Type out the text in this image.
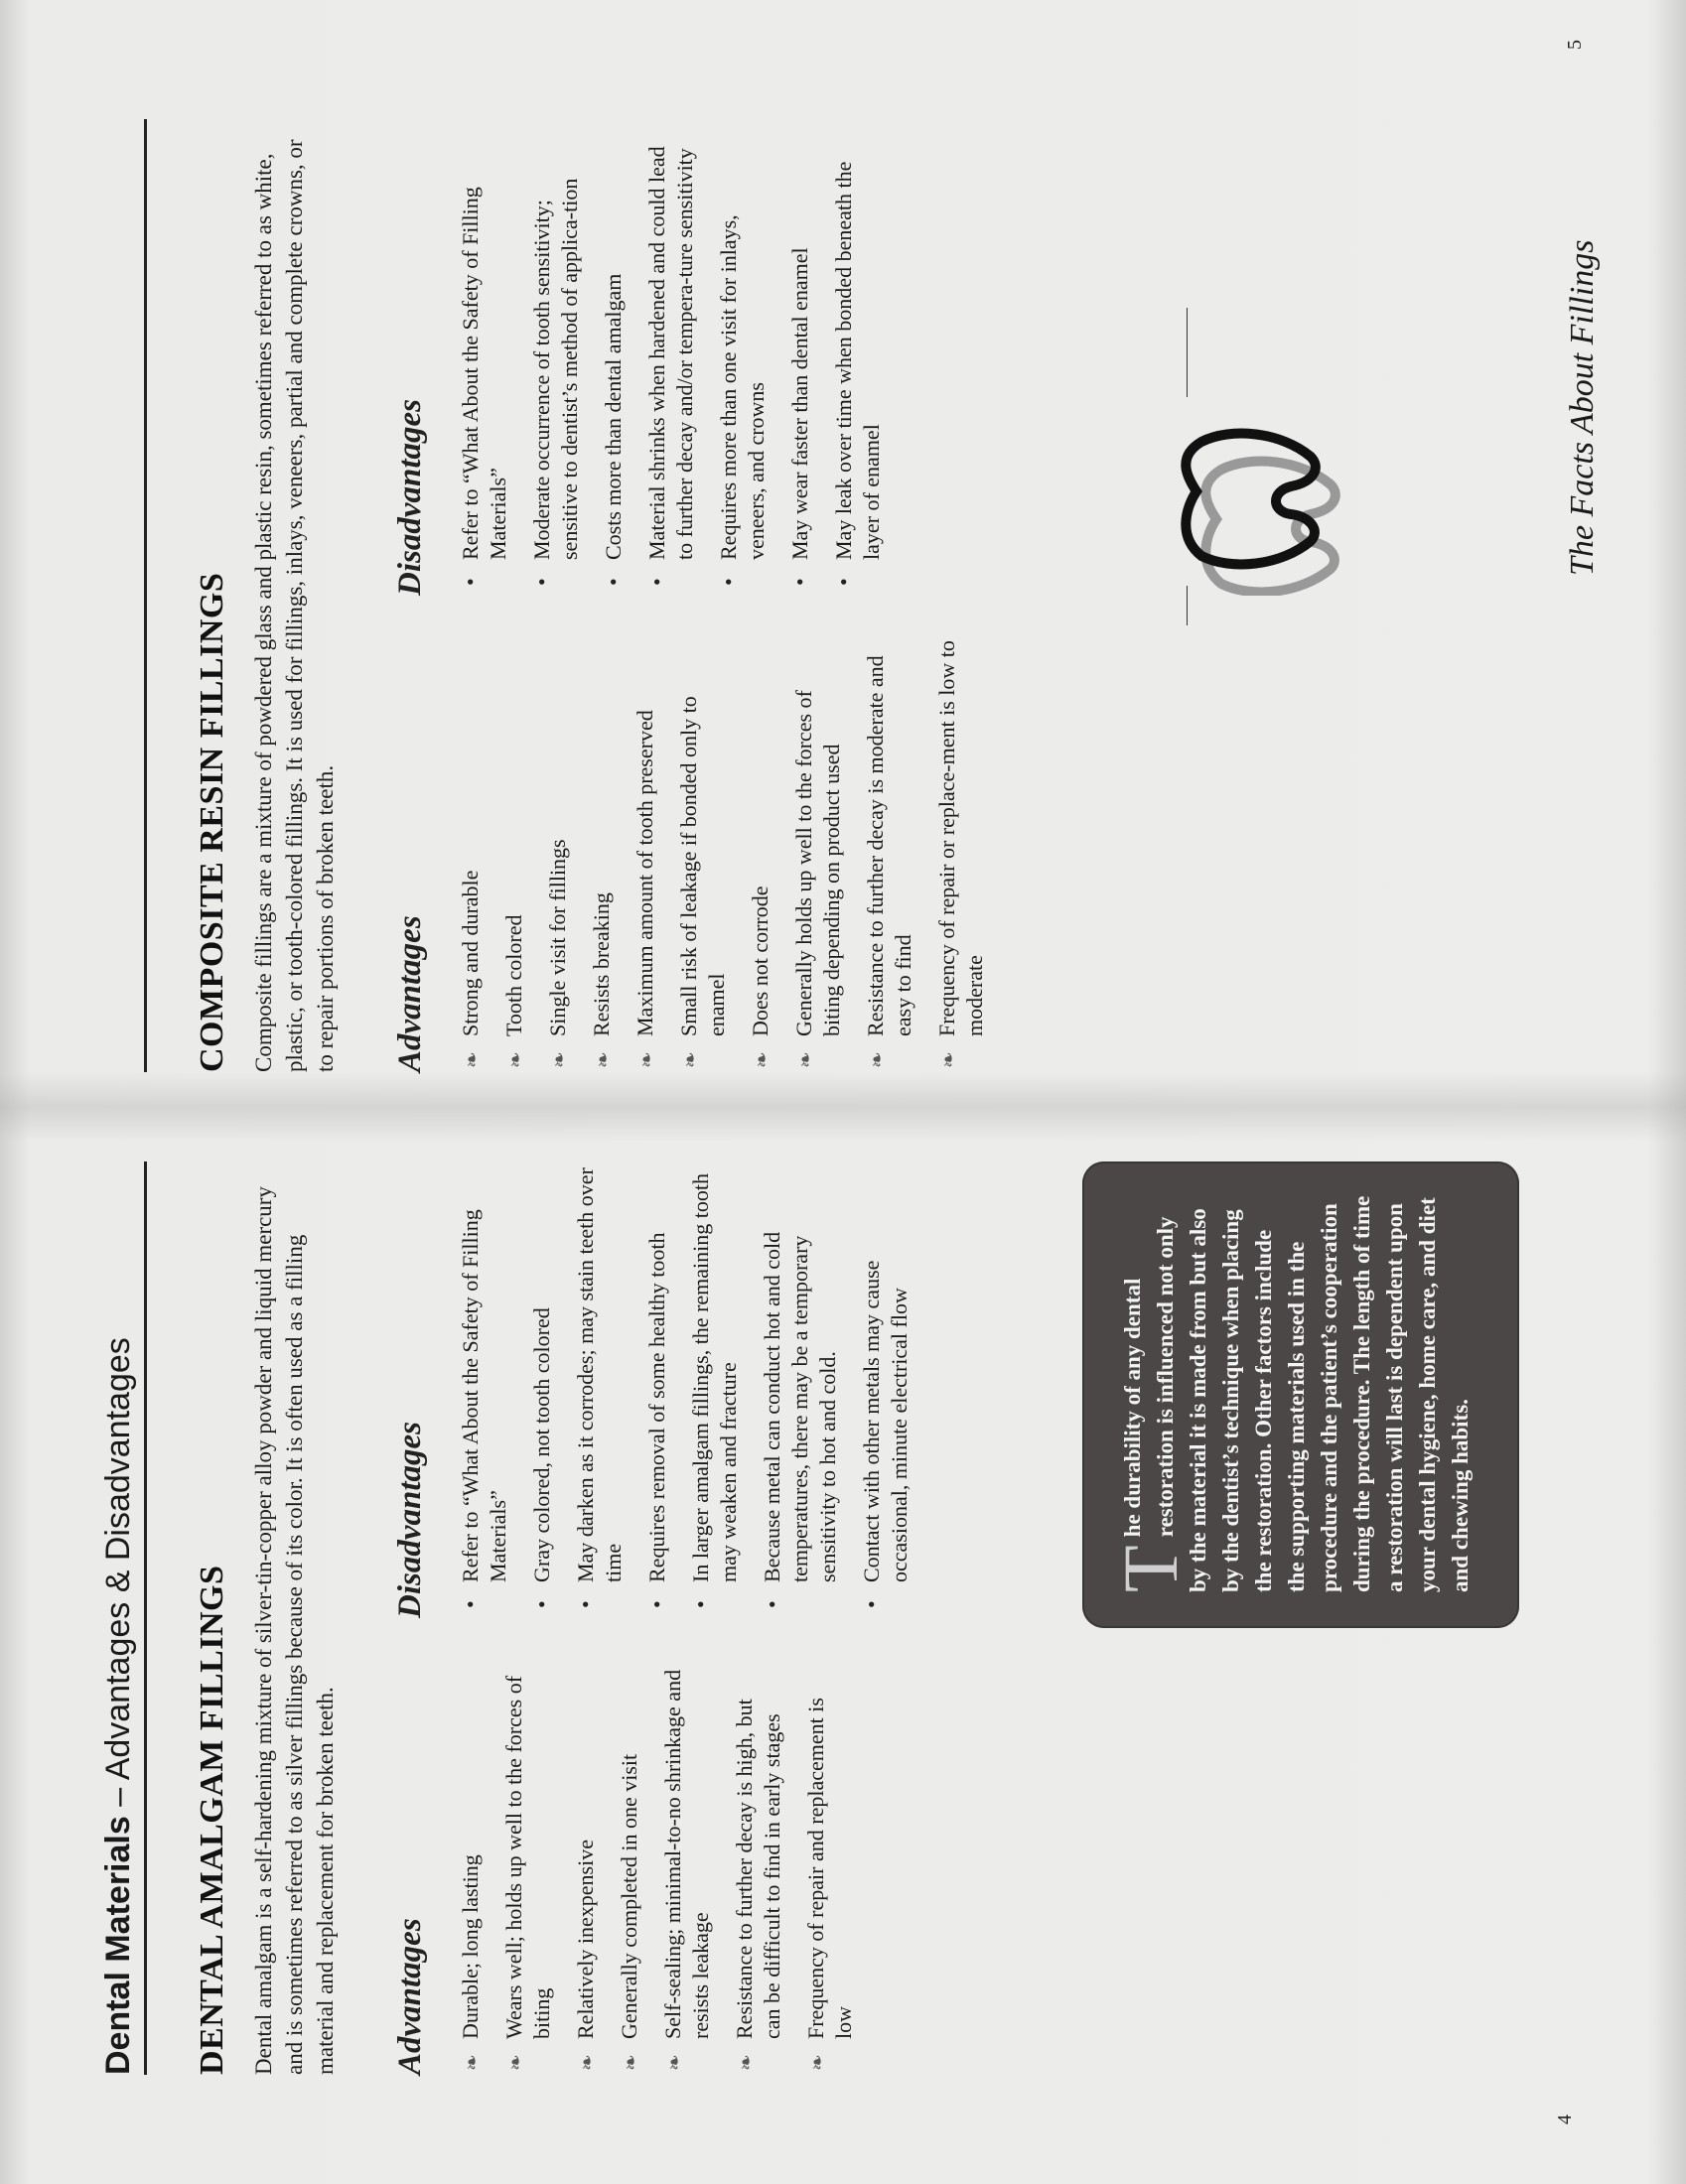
Dental Materials – Advantages & Disadvantages DENTAL AMALGAM FILLINGS Dental amalgam is a self-hardening mixture of silver-tin-copper alloy powder and liquid mercury and is sometimes referred to as silver fillings because of its color. It is often used as a filling material and replacement for broken teeth. Advantages
Disadvantages
❧
Durable; long lasting
❧
Wears well; holds up well to the forces of biting
❧
Relatively inexpensive
❧
Generally completed in one visit
❧
Self-sealing; minimal-to-no shrinkage and resists leakage
❧
Resistance to further decay is high, but can be difficult to find in early stages
❧
Frequency of repair and replacement is low
•
Refer to “What About the Safety of Filling Materials”
•
Gray colored, not tooth colored
•
May darken as it corrodes; may stain teeth over time
•
Requires removal of some healthy tooth
•
In larger amalgam fillings, the remaining tooth may weaken and fracture
•
Because metal can conduct hot and cold temperatures, there may be a temporary sensitivity to hot and cold.
•
Contact with other metals may cause occasional, minute electrical flow	T
he durability of any dental restoration is influenced not only by the material it is made from but also by the dentist’s technique when placing the restoration. Other factors include the supporting materials used in the procedure and the patient’s cooperation during the procedure. The length of time a restoration will last is dependent upon your dental hygiene, home care, and diet and chewing habits.

4
COMPOSITE RESIN FILLINGS Composite fillings are a mixture of powdered glass and plastic resin, sometimes referred to as white, plastic, or tooth-colored fillings. It is used for fillings, inlays, veneers, partial and complete crowns, or to repair portions of broken teeth. Advantages
Disadvantages
❧
Strong and durable
❧
Tooth colored
❧
Single visit for fillings
❧
Resists breaking
❧
Maximum amount of tooth preserved
❧
Small risk of leakage if bonded only to enamel
❧
Does not corrode
❧
Generally holds up well to the forces of biting depending on product used
❧
Resistance to further decay is moderate and easy to find
❧
Frequency of repair or replace-ment is low to moderate
•
Refer to “What About the Safety of Filling Materials”
•
Moderate occurrence of tooth sensitivity; sensitive to dentist’s method of applica-tion
•
Costs more than dental amalgam
•
Material shrinks when hardened and could lead to further decay and/or tempera-ture sensitivity
•
Requires more than one visit for inlays, veneers, and crowns
•
May wear faster than dental enamel
•
May leak over time when bonded beneath the layer of enamel	The Facts About Fillings
5
